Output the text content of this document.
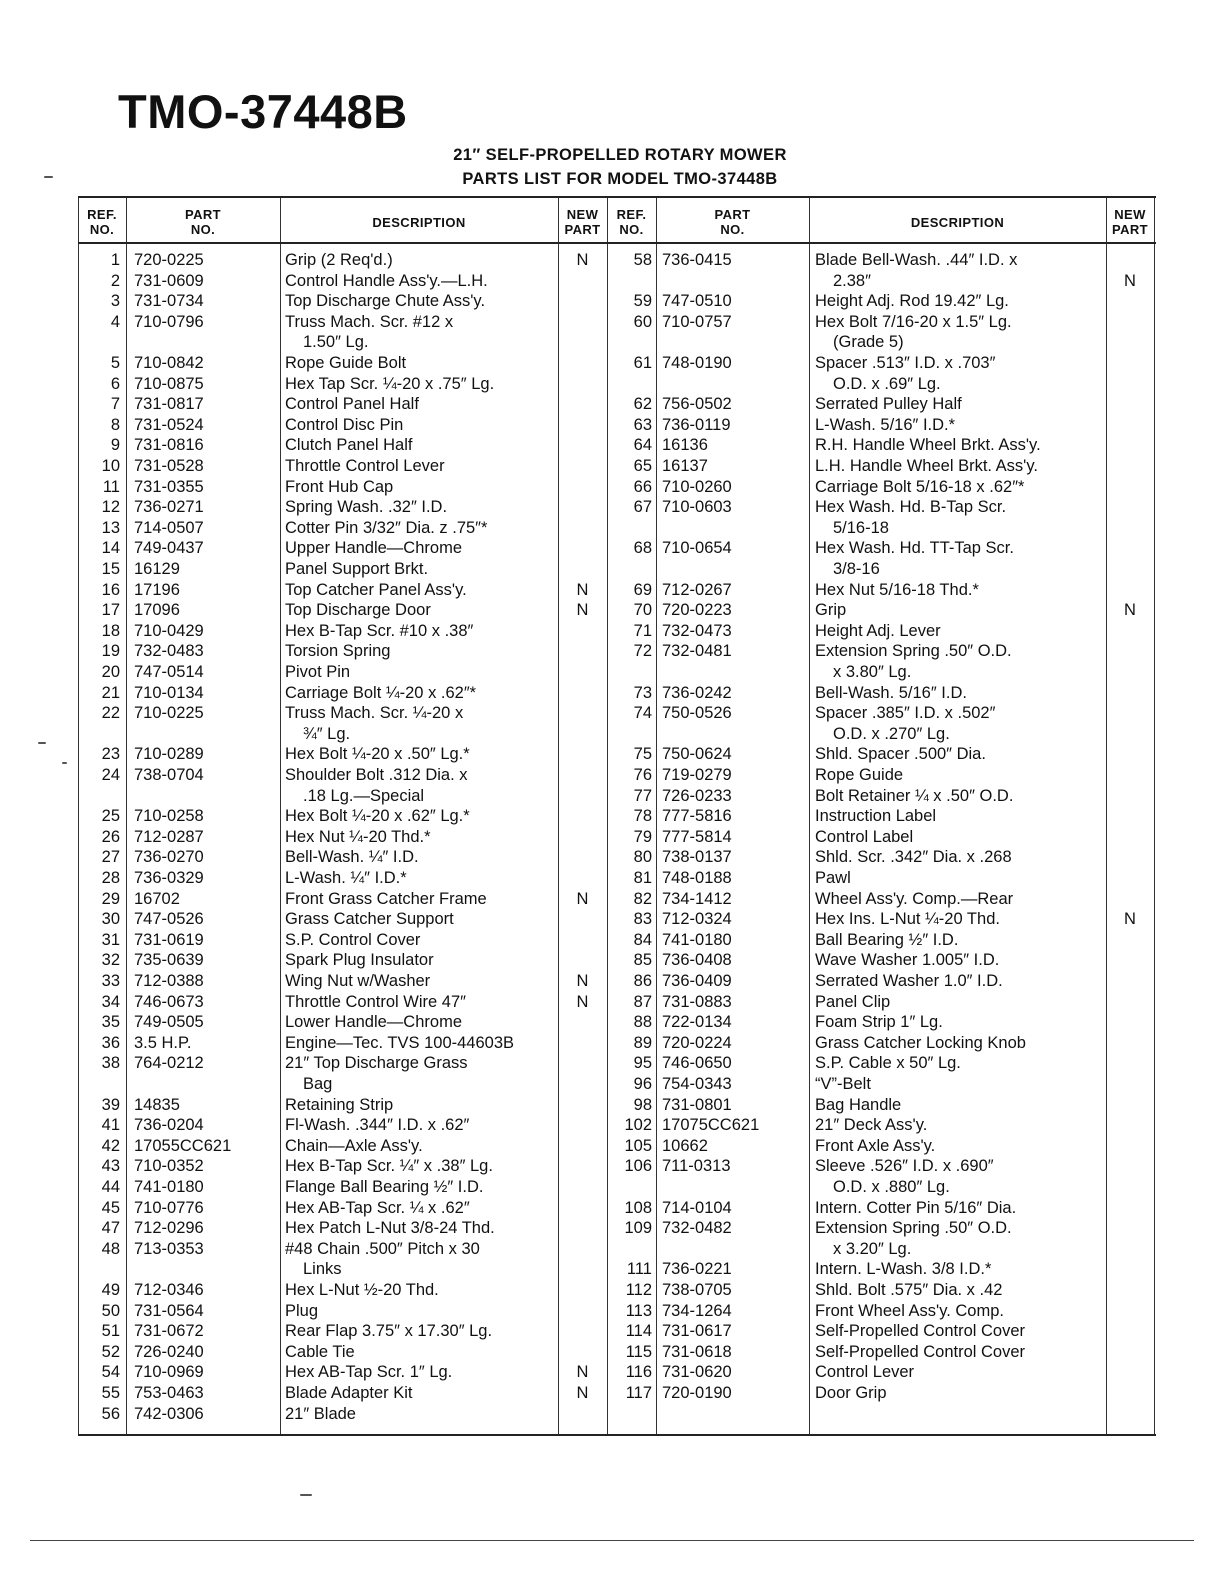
TMO-37448B
21″ SELF-PROPELLED ROTARY MOWER
PARTS LIST FOR MODEL TMO-37448B
REF.
NO.
PART
NO.	DESCRIPTION	NEW
PART
REF.
NO.
PART
NO.	DESCRIPTION	NEW
PART
1 720-0225	Grip (2 Req'd.)	N
2 731-0609	Control Handle Ass'y.—L.H.
3 731-0734	Top Discharge Chute Ass'y.
4 710-0796	Truss Mach. Scr. #12 x
1.50″ Lg.
5 710-0842	Rope Guide Bolt
6 710-0875	Hex Tap Scr. ¼-20 x .75″ Lg.
7 731-0817	Control Panel Half
8 731-0524	Control Disc Pin
9 731-0816	Clutch Panel Half
10 731-0528	Throttle Control Lever
11 731-0355	Front Hub Cap
12 736-0271	Spring Wash. .32″ I.D.
13 714-0507	Cotter Pin 3/32″ Dia. z .75″*
14 749-0437	Upper Handle—Chrome
15 16129	Panel Support Brkt.
16 17196	Top Catcher Panel Ass'y.	N
17 17096	Top Discharge Door	N
18 710-0429	Hex B-Tap Scr. #10 x .38″
19 732-0483	Torsion Spring
20 747-0514	Pivot Pin
21 710-0134	Carriage Bolt ¼-20 x .62″*
22 710-0225	Truss Mach. Scr. ¼-20 x
¾″ Lg.
23 710-0289	Hex Bolt ¼-20 x .50″ Lg.*
24 738-0704	Shoulder Bolt .312 Dia. x
.18 Lg.—Special
25 710-0258	Hex Bolt ¼-20 x .62″ Lg.*
26 712-0287	Hex Nut ¼-20 Thd.*
27 736-0270	Bell-Wash. ¼″ I.D.
28 736-0329	L-Wash. ¼″ I.D.*
29 16702	Front Grass Catcher Frame	N
30 747-0526	Grass Catcher Support
31 731-0619	S.P. Control Cover
32 735-0639	Spark Plug Insulator
33 712-0388	Wing Nut w/Washer	N
34 746-0673	Throttle Control Wire 47″	N
35 749-0505	Lower Handle—Chrome
36 3.5 H.P.	Engine—Tec. TVS 100-44603B
38 764-0212	21″ Top Discharge Grass
Bag
39 14835	Retaining Strip
41 736-0204	Fl-Wash. .344″ I.D. x .62″
42 17055CC621	Chain—Axle Ass'y.
43 710-0352	Hex B-Tap Scr. ¼″ x .38″ Lg.
44 741-0180	Flange Ball Bearing ½″ I.D.
45 710-0776	Hex AB-Tap Scr. ¼ x .62″
47 712-0296	Hex Patch L-Nut 3/8-24 Thd.
48 713-0353	#48 Chain .500″ Pitch x 30
Links
49 712-0346	Hex L-Nut ½-20 Thd.
50 731-0564	Plug
51 731-0672	Rear Flap 3.75″ x 17.30″ Lg.
52 726-0240	Cable Tie
54 710-0969	Hex AB-Tap Scr. 1″ Lg.	N
55 753-0463	Blade Adapter Kit	N
56 742-0306	21″ Blade
58 736-0415	Blade Bell-Wash. .44″ I.D. x
2.38″	N
59 747-0510	Height Adj. Rod 19.42″ Lg.
60 710-0757	Hex Bolt 7/16-20 x 1.5″ Lg.
(Grade 5)
61 748-0190	Spacer .513″ I.D. x .703″
O.D. x .69″ Lg.
62 756-0502	Serrated Pulley Half
63 736-0119	L-Wash. 5/16″ I.D.*
64 16136	R.H. Handle Wheel Brkt. Ass'y.
65 16137	L.H. Handle Wheel Brkt. Ass'y.
66 710-0260	Carriage Bolt 5/16-18 x .62″*
67 710-0603	Hex Wash. Hd. B-Tap Scr.
5/16-18
68 710-0654	Hex Wash. Hd. TT-Tap Scr.
3/8-16
69 712-0267	Hex Nut 5/16-18 Thd.*
70 720-0223	Grip	N
71 732-0473	Height Adj. Lever
72 732-0481	Extension Spring .50″ O.D.
x 3.80″ Lg.
73 736-0242	Bell-Wash. 5/16″ I.D.
74 750-0526	Spacer .385″ I.D. x .502″
O.D. x .270″ Lg.
75 750-0624	Shld. Spacer .500″ Dia.
76 719-0279	Rope Guide
77 726-0233	Bolt Retainer ¼ x .50″ O.D.
78 777-5816	Instruction Label
79 777-5814	Control Label
80 738-0137	Shld. Scr. .342″ Dia. x .268
81 748-0188	Pawl
82 734-1412	Wheel Ass'y. Comp.—Rear
83 712-0324	Hex Ins. L-Nut ¼-20 Thd.	N
84 741-0180	Ball Bearing ½″ I.D.
85 736-0408	Wave Washer 1.005″ I.D.
86 736-0409	Serrated Washer 1.0″ I.D.
87 731-0883	Panel Clip
88 722-0134	Foam Strip 1″ Lg.
89 720-0224	Grass Catcher Locking Knob
95 746-0650	S.P. Cable x 50″ Lg.
96 754-0343	“V”-Belt
98 731-0801	Bag Handle
102 17075CC621	21″ Deck Ass'y.
105 10662	Front Axle Ass'y.
106 711-0313	Sleeve .526″ I.D. x .690″
O.D. x .880″ Lg.
108 714-0104	Intern. Cotter Pin 5/16″ Dia.
109 732-0482	Extension Spring .50″ O.D.
x 3.20″ Lg.
111 736-0221	Intern. L-Wash. 3/8 I.D.*
112 738-0705	Shld. Bolt .575″ Dia. x .42
113 734-1264	Front Wheel Ass'y. Comp.
114 731-0617	Self-Propelled Control Cover
115 731-0618	Self-Propelled Control Cover
116 731-0620	Control Lever
117 720-0190	Door Grip
